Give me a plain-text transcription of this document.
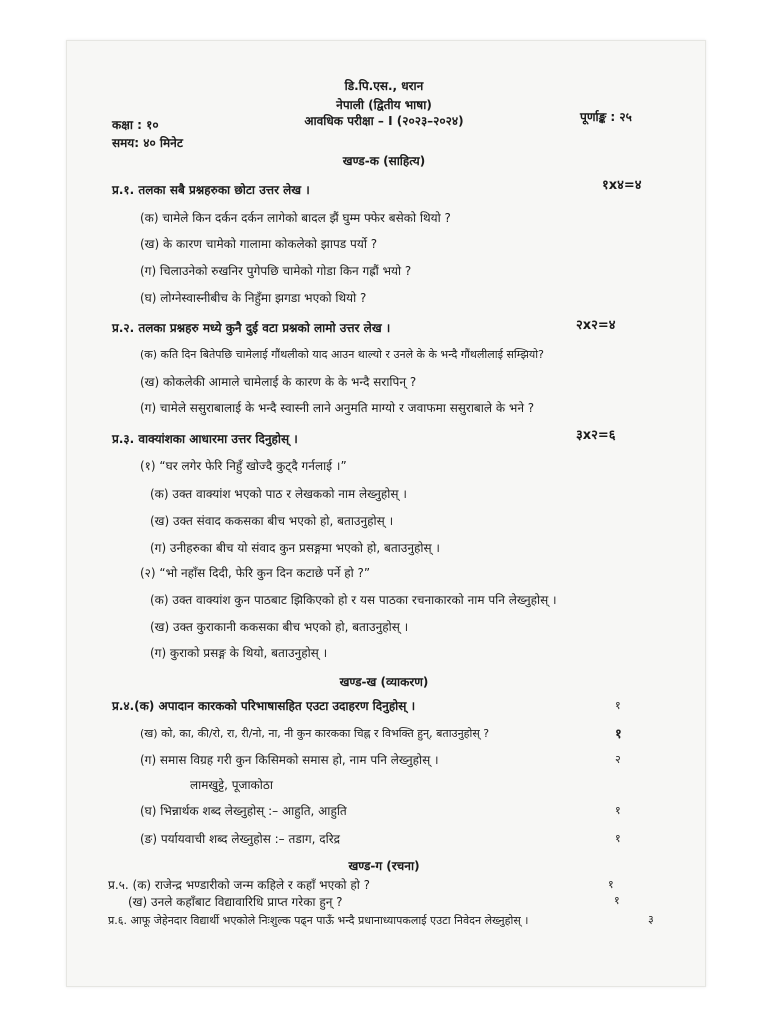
डि.पि.एस., धरान
नेपाली (द्वितीय भाषा)
कक्षा : १०	आवधिक परीक्षा – I (२०२३–२०२४)	पूर्णाङ्क : २५
समय: ४० मिनेट
खण्ड-क (साहित्य)
प्र.१. तलका सबै प्रश्नहरुका छोटा उत्तर लेख ।	१x४=४
(क) चामेले किन दर्कन दर्कन लागेको बादल झैं घुम्म फ्फेर बसेको थियो ?
(ख) के कारण चामेको गालामा कोकलेको झापड पर्यो ?
(ग) चिलाउनेको रुखनिर पुगेपछि चामेको गोडा किन गह्रौं भयो ?
(घ) लोग्नेस्वास्नीबीच के निहुँमा झगडा भएको थियो ?
प्र.२. तलका प्रश्नहरु मध्ये कुनै दुई वटा प्रश्नको लामो उत्तर लेख ।	२x२=४
(क) कति दिन बितेपछि चामेलाई गौंथलीको याद आउन थाल्यो र उनले के के भन्दै गौंथलीलाई सम्झियो?
(ख) कोकलेकी आमाले चामेलाई के कारण के के भन्दै सरापिन् ?
(ग) चामेले ससुराबालाई के भन्दै स्वास्नी लाने अनुमति माग्यो र जवाफमा ससुराबाले के भने ?
प्र.३. वाक्यांशका आधारमा उत्तर दिनुहोस् ।	३x२=६
(१) “घर लगेर फेरि निहुँ खोज्दै कुट्दै गर्नलाई ।”
(क) उक्त वाक्यांश भएको पाठ र लेखकको नाम लेख्नुहोस् ।
(ख) उक्त संवाद ककसका बीच भएको हो, बताउनुहोस् ।
(ग) उनीहरुका बीच यो संवाद कुन प्रसङ्गमा भएको हो, बताउनुहोस् ।
(२) “भो नहाँस दिदी, फेरि कुन दिन कटाछे पर्ने हो ?”
(क) उक्त वाक्यांश कुन पाठबाट झिकिएको हो र यस पाठका रचनाकारको नाम पनि लेख्नुहोस् ।
(ख) उक्त कुराकानी ककसका बीच भएको हो, बताउनुहोस् ।
(ग) कुराको प्रसङ्ग के थियो, बताउनुहोस् ।
खण्ड-ख (व्याकरण)
प्र.४.(क) अपादान कारकको परिभाषासहित एउटा उदाहरण दिनुहोस् ।	१
(ख) को, का, की/रो, रा, री/नो, ना, नी कुन कारकका चिह्न र विभक्ति हुन्, बताउनुहोस् ?	१
(ग) समास विग्रह गरी कुन किसिमको समास हो, नाम पनि लेख्नुहोस् ।	२
लामखुट्टे, पूजाकोठा
(घ) भिन्नार्थक शब्द लेख्नुहोस् :– आहुति, आहुति	१
(ङ) पर्यायवाची शब्द लेख्नुहोस :– तडाग, दरिद्र	१
खण्ड-ग (रचना)
प्र.५. (क) राजेन्द्र भण्डारीको जन्म कहिले र कहाँ भएको हो ?	१
(ख) उनले कहाँबाट विद्यावारिधि प्राप्त गरेका हुन् ?	१
प्र.६. आफू जेहेनदार विद्यार्थी भएकोले निःशुल्क पढ्न पाऊँ भन्दै प्रधानाध्यापकलाई एउटा निवेदन लेख्नुहोस् ।	३
